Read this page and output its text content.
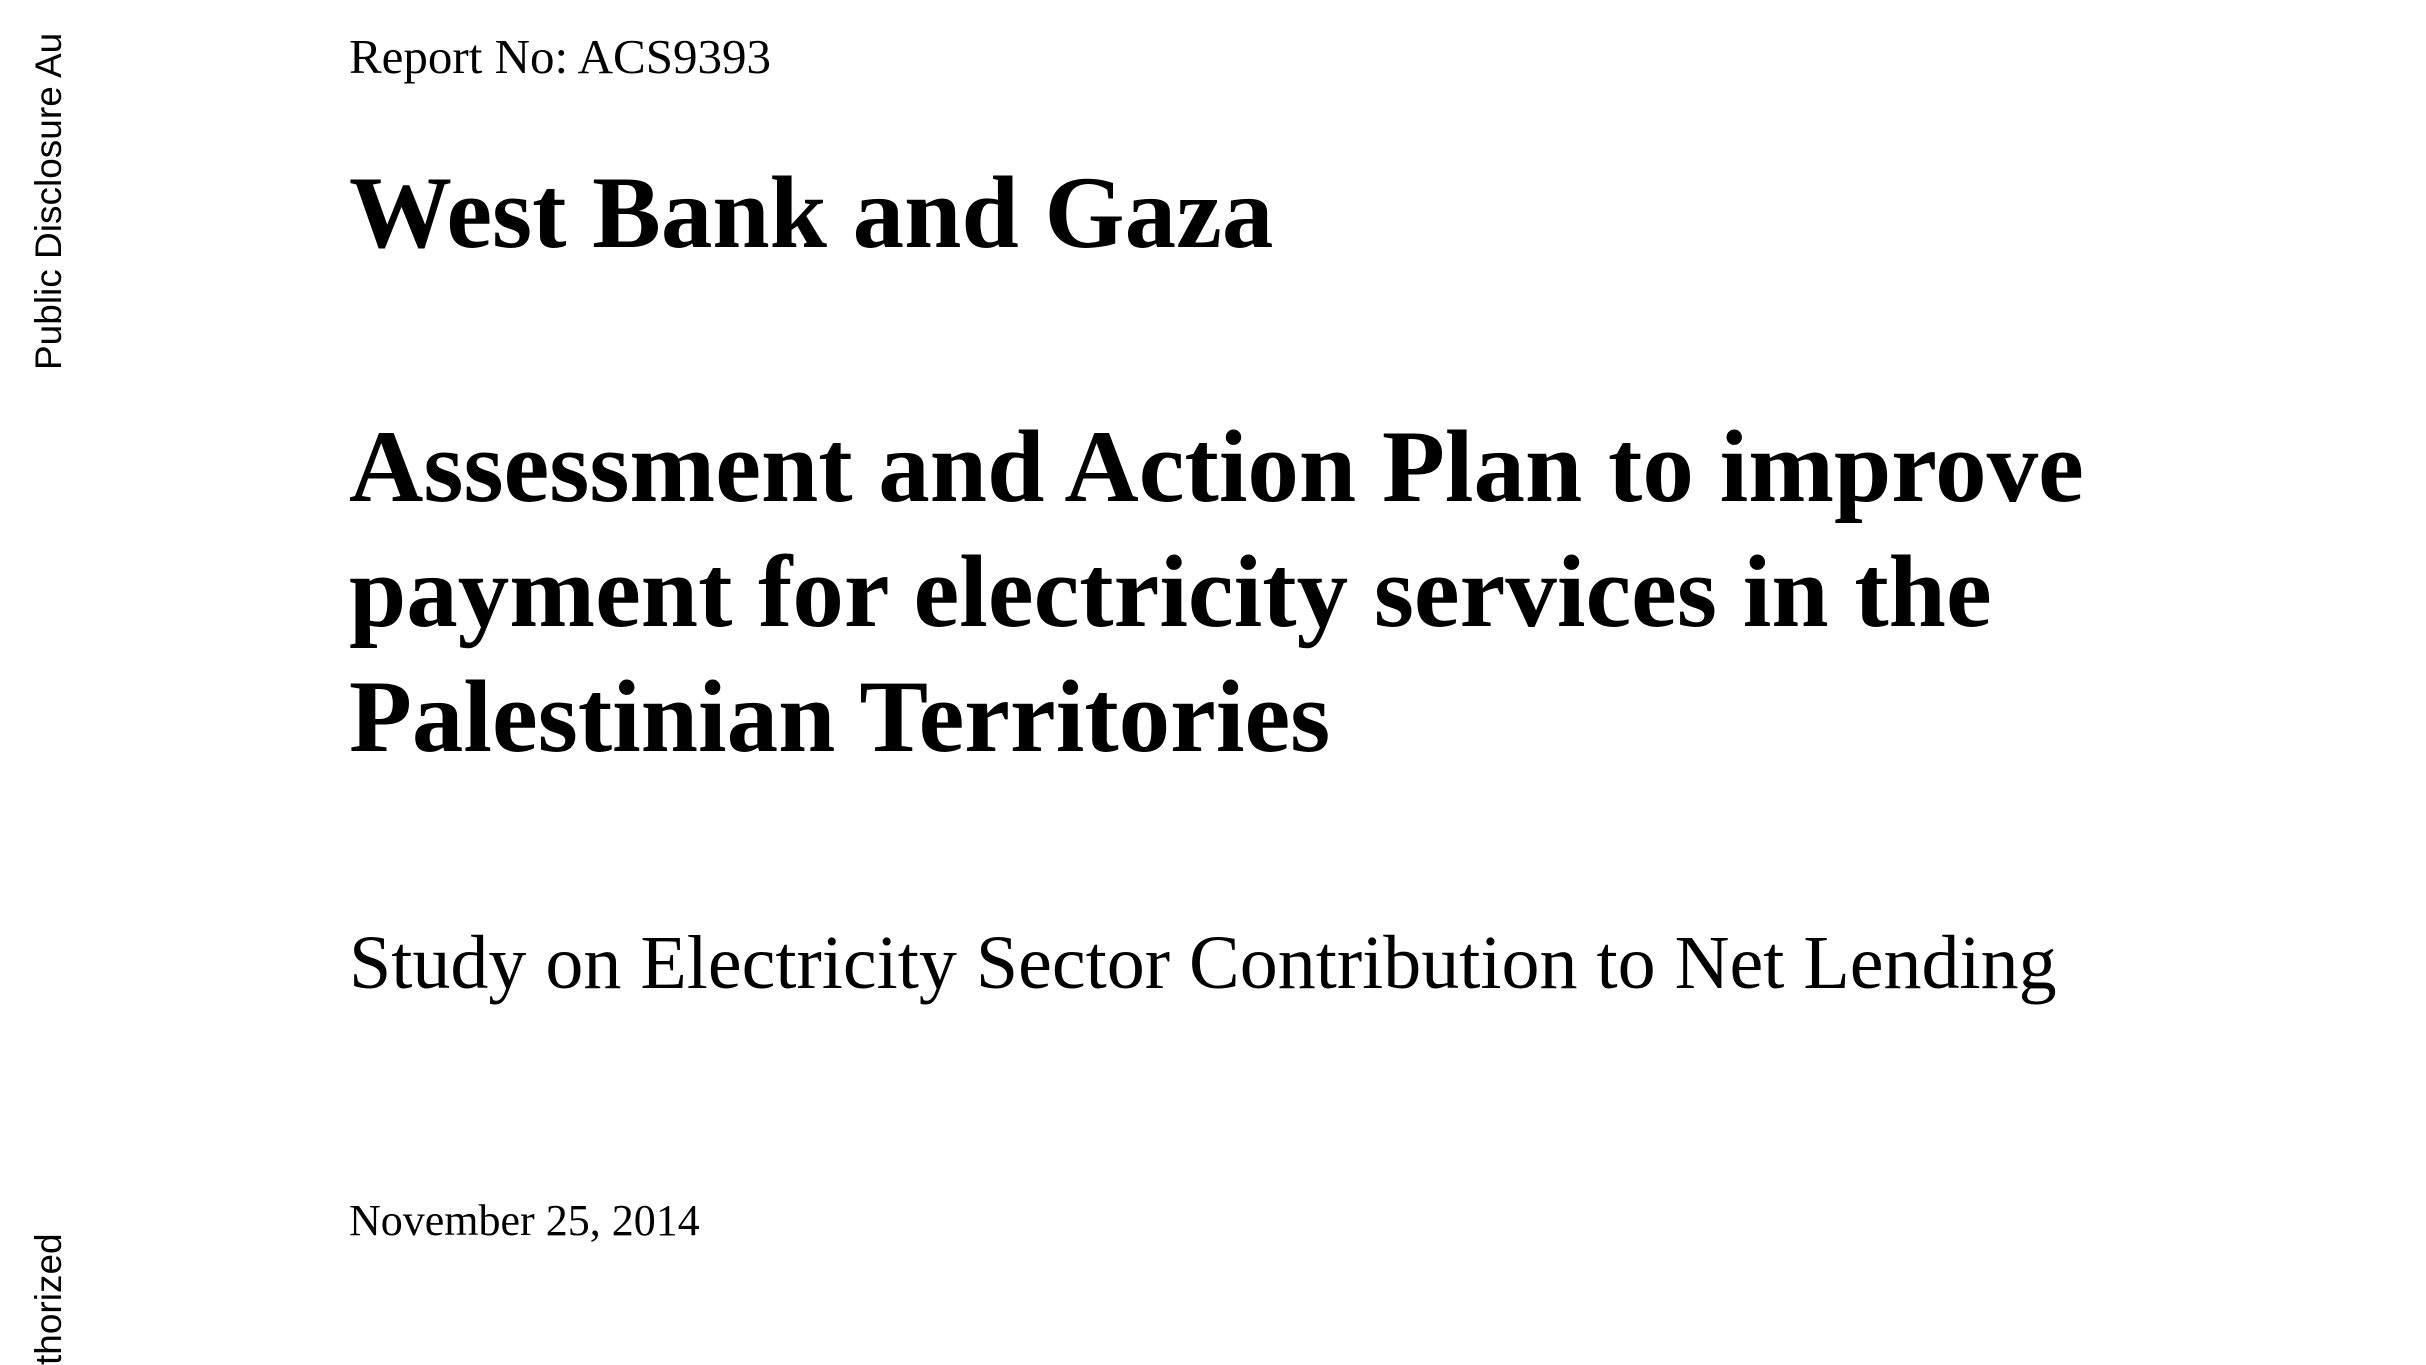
Public Disclosure Au
thorized

Report No: ACS9393

West Bank and Gaza
Assessment and Action Plan to improve
payment for electricity services in the
Palestinian Territories

Study on Electricity Sector Contribution to Net Lending

November 25, 2014
